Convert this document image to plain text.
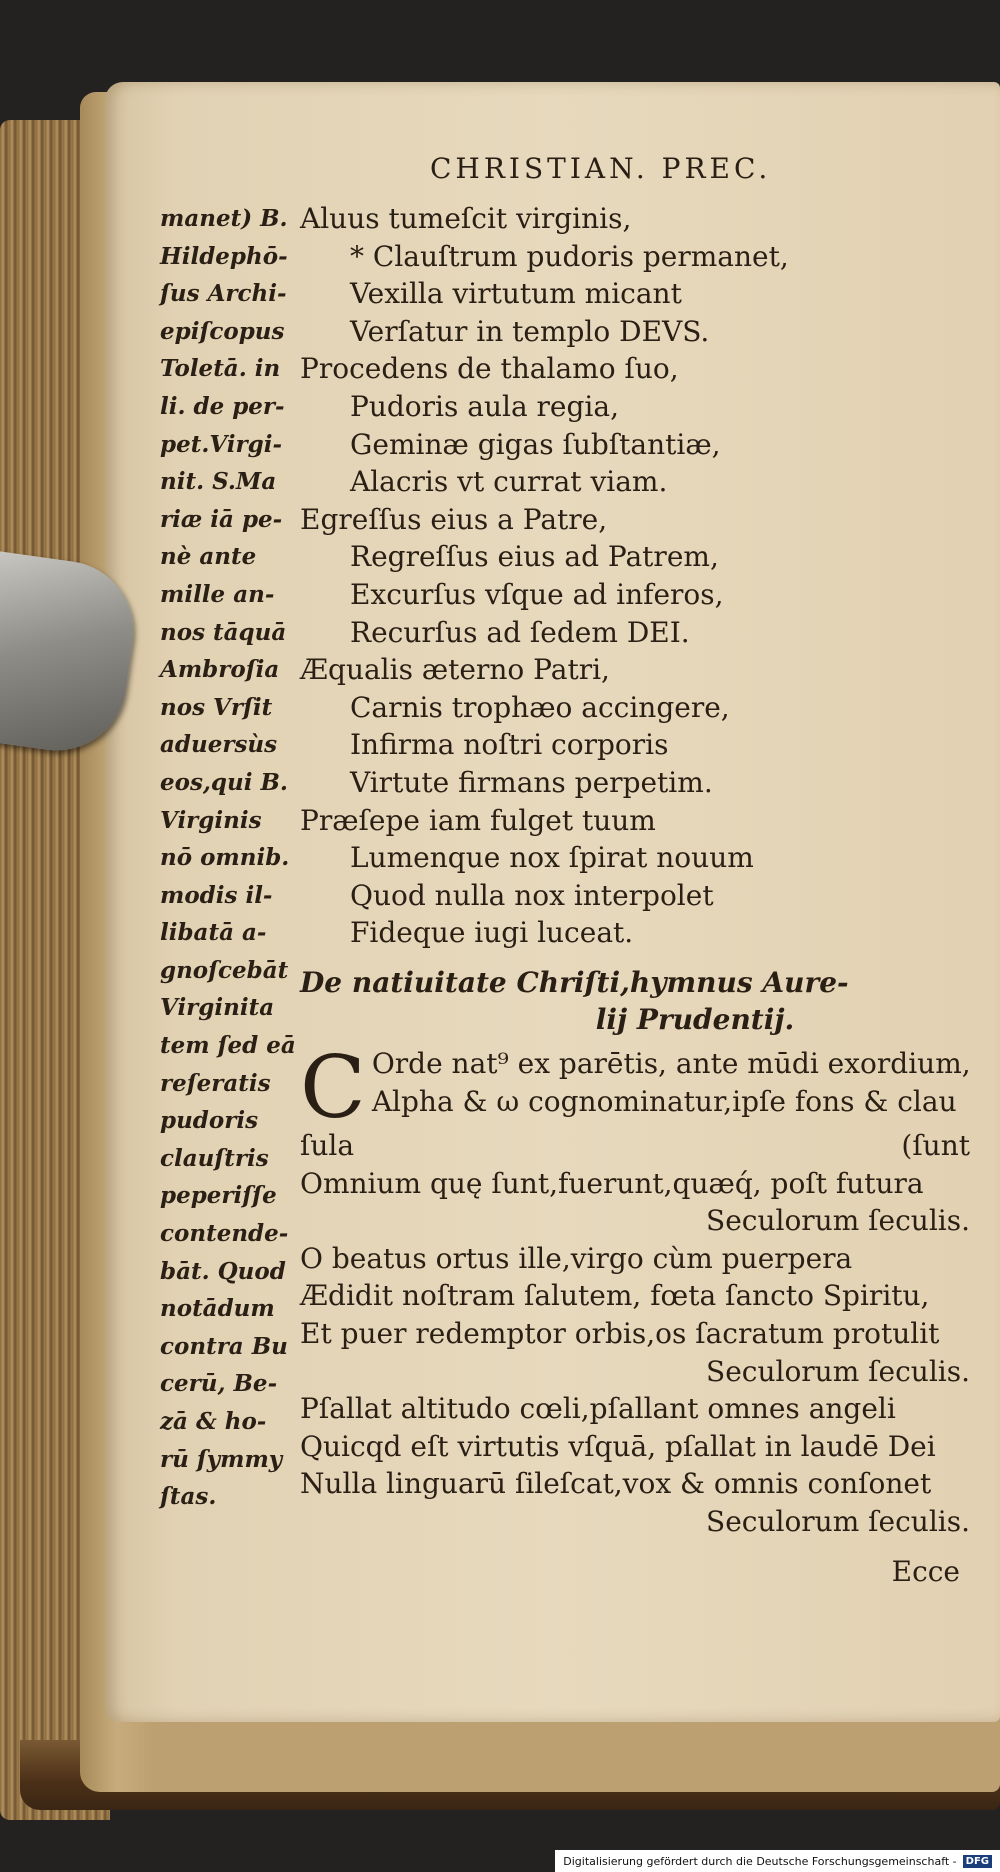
CHRISTIAN. PREC.
manet) B.
Hildephō-
ſus Archi-
epiſcopus
Toletā. in
li. de per-
pet.Virgi-
nit. S.Ma
riæ iā pe-
nè ante
mille an-
nos tāquā
Ambroſia
nos Vrſit
aduersùs
eos,qui B.
Virginis
nō omnib.
modis il-
libatā a-
gnoſcebāt
Virginita
tem ſed eā
reſeratis
pudoris
clauſtris
peperiſſe
contende-
bāt. Quod
notādum
contra Bu
cerū, Be-
zā & ho-
rū ſymmy
ſtas.
Aluus tumeſcit virginis,
* Clauſtrum pudoris permanet,
Vexilla virtutum micant
Verſatur in templo DEVS.
Procedens de thalamo ſuo,
Pudoris aula regia,
Geminæ gigas ſubſtantiæ,
Alacris vt currat viam.
Egreſſus eius a Patre,
Regreſſus eius ad Patrem,
Excurſus vſque ad inferos,
Recurſus ad ſedem DEI.
Æqualis æterno Patri,
Carnis trophæo accingere,
Infirma noſtri corporis
Virtute firmans perpetim.
Præſepe iam fulget tuum
Lumenque nox ſpirat nouum
Quod nulla nox interpolet
Fideque iugi luceat.
De natiuitate Chriſti,hymnus Aure-
lij Prudentij.
C Orde nat⁹ ex parētis, ante mūdi exordium,
Alpha & ω cognominatur,ipſe fons & clau
ſula	(ſunt
Omnium quę ſunt,fuerunt,quæq́, poſt futura
Seculorum ſeculis.
O beatus ortus ille,virgo cùm puerpera
Ædidit noſtram ſalutem, fœta ſancto Spiritu,
Et puer redemptor orbis,os ſacratum protulit
Seculorum ſeculis.
Pſallat altitudo cœli,pſallant omnes angeli
Quicqd eſt virtutis vſquā, pſallat in laudē Dei
Nulla linguarū ſileſcat,vox & omnis conſonet
Seculorum ſeculis.
Ecce
Digitalisierung gefördert durch die Deutsche Forschungsgemeinschaft - DFG
